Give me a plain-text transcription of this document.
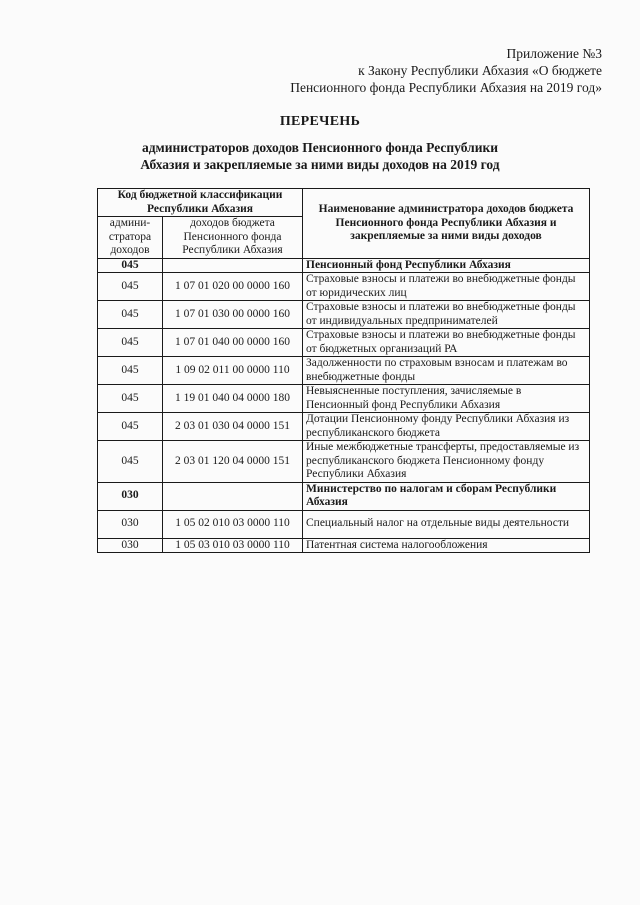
Приложение №3
к Закону Республики Абхазия «О бюджете
Пенсионного фонда Республики Абхазия на 2019 год»
ПЕРЕЧЕНЬ
администраторов доходов Пенсионного фонда Республики
Абхазия и закрепляемые за ними виды доходов на 2019 год
Код бюджетной классификации Республики Абхазия		Наименование администратора доходов бюджета Пенсионного фонда Республики Абхазия и закрепляемые за ними виды доходов
админи-стратора доходов	доходов бюджета Пенсионного фонда Республики Абхазия	
045		Пенсионный фонд Республики Абхазия
045	1 07 01 020 00 0000 160	Страховые взносы и платежи во внебюджетные фонды от юридических лиц
045	1 07 01 030 00 0000 160	Страховые взносы и платежи во внебюджетные фонды от индивидуальных предпринимателей
045	1 07 01 040 00 0000 160	Страховые взносы и платежи во внебюджетные фонды от бюджетных организаций РА
045	1 09 02 011 00 0000 110	Задолженности по страховым взносам и платежам во внебюджетные фонды
045	1 19 01 040 04 0000 180	Невыясненные поступления, зачисляемые в Пенсионный фонд Республики Абхазия
045	2 03 01 030 04 0000 151	Дотации Пенсионному фонду Республики Абхазия из республиканского бюджета
045	2 03 01 120 04 0000 151	Иные межбюджетные трансферты, предоставляемые из республиканского бюджета Пенсионному фонду Республики Абхазия
030		Министерство по налогам и сборам Республики Абхазия
030	1 05 02 010 03 0000 110	Специальный налог на отдельные виды деятельности
030	1 05 03 010 03 0000 110	Патентная система налогообложения
